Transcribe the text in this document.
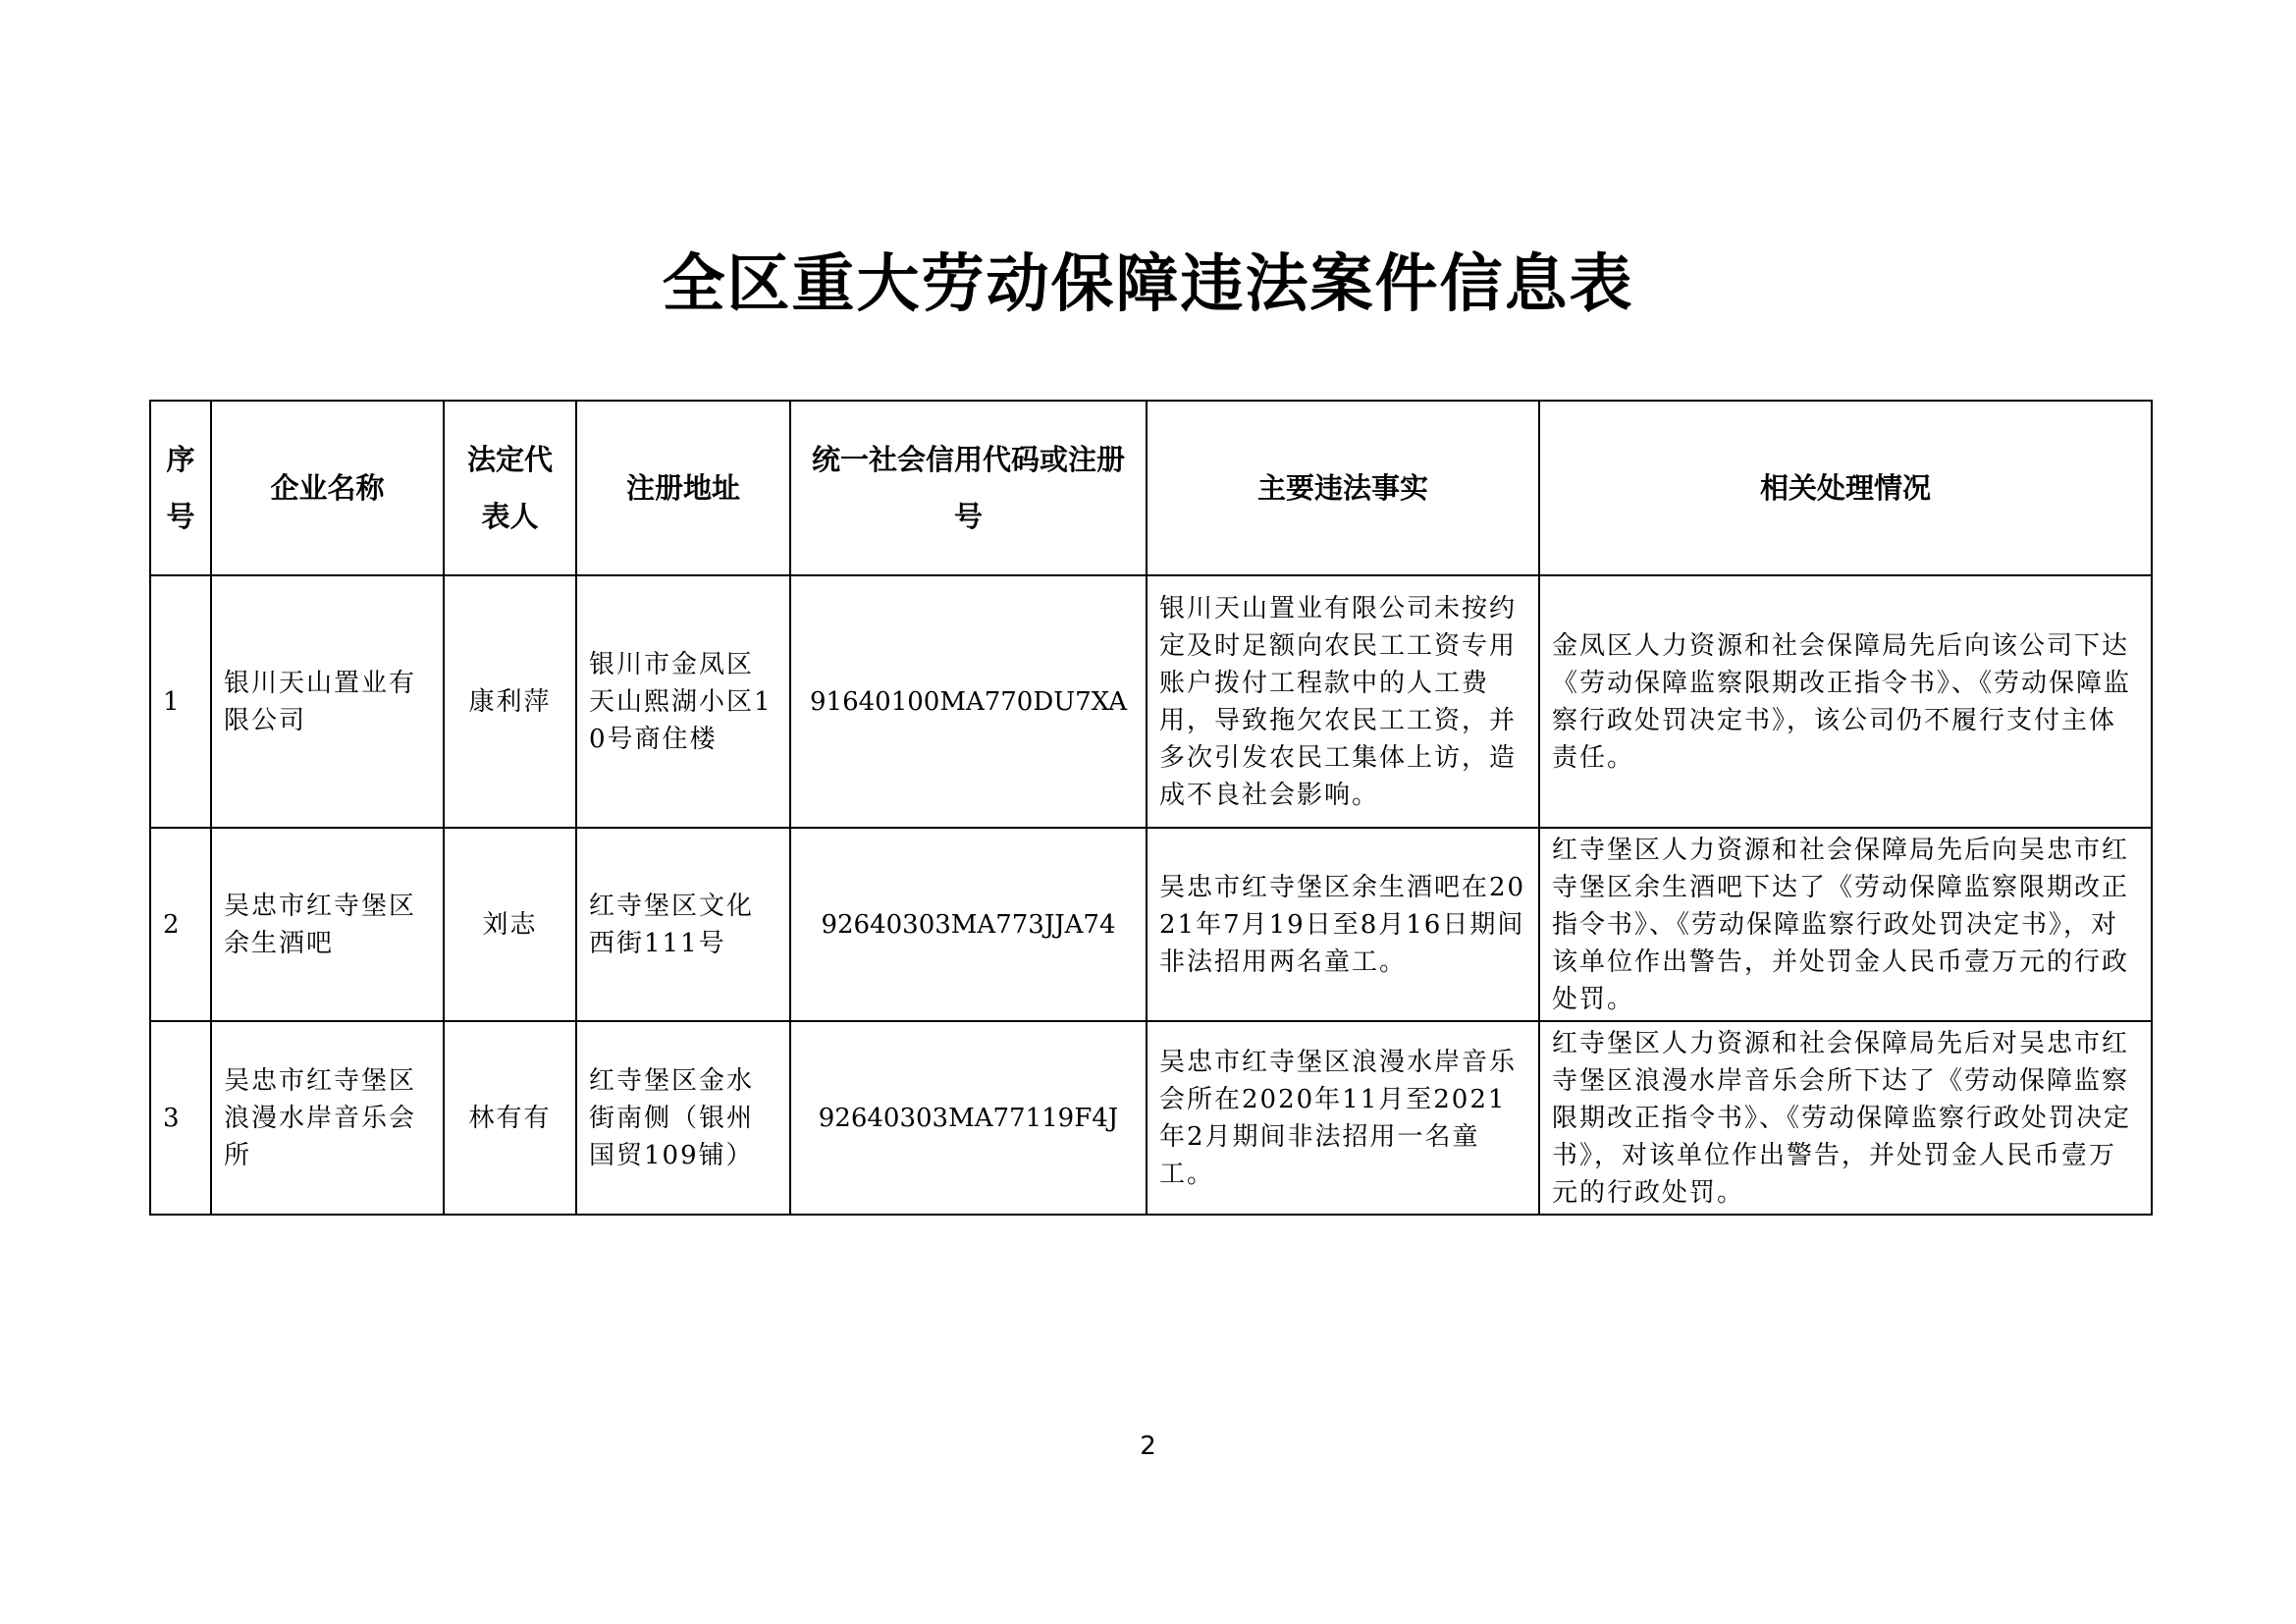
全区重大劳动保障违法案件信息表
序号	企业名称	法定代表人	注册地址	统一社会信用代码或注册号	主要违法事实	相关处理情况
1	银川天山置业有限公司	康利萍	银川市金凤区天山熙湖小区10号商住楼	91640100MA770DU7XA	银川天山置业有限公司未按约定及时足额向农民工工资专用账户拨付工程款中的人工费用，导致拖欠农民工工资，并多次引发农民工集体上访，造成不良社会影响。	金凤区人力资源和社会保障局先后向该公司下达《劳动保障监察限期改正指令书》、《劳动保障监察行政处罚决定书》，该公司仍不履行支付主体责任。
2	吴忠市红寺堡区余生酒吧	刘志	红寺堡区文化西街111号	92640303MA773JJA74	吴忠市红寺堡区余生酒吧在2021年7月19日至8月16日期间非法招用两名童工。	红寺堡区人力资源和社会保障局先后向吴忠市红寺堡区余生酒吧下达了《劳动保障监察限期改正指令书》、《劳动保障监察行政处罚决定书》，对该单位作出警告，并处罚金人民币壹万元的行政处罚。
3	吴忠市红寺堡区浪漫水岸音乐会所	林有有	红寺堡区金水街南侧（银州国贸109铺）	92640303MA77119F4J	吴忠市红寺堡区浪漫水岸音乐会所在2020年11月至2021年2月期间非法招用一名童工。	红寺堡区人力资源和社会保障局先后对吴忠市红寺堡区浪漫水岸音乐会所下达了《劳动保障监察限期改正指令书》、《劳动保障监察行政处罚决定书》，对该单位作出警告，并处罚金人民币壹万元的行政处罚。
2
